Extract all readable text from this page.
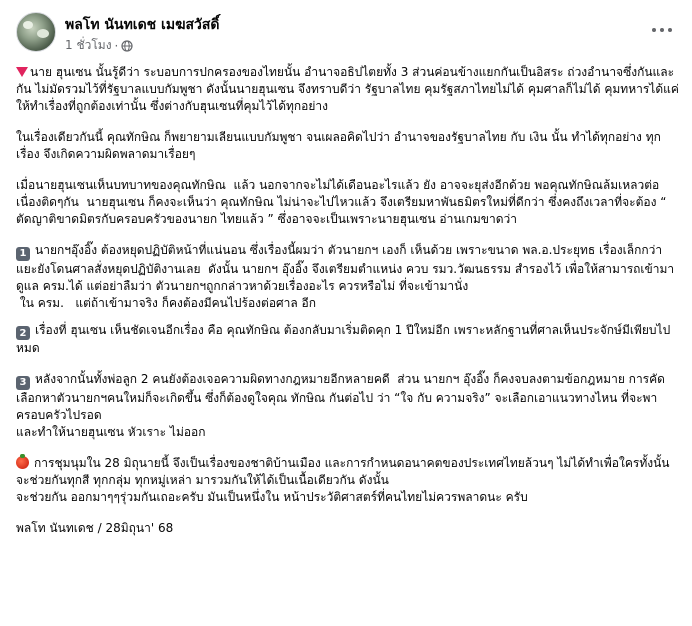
พลโท นันทเดช เมฆสวัสดิ์
1 ชั่วโมง ·

นาย ฮุนเซน นั้นรู้ดีว่า ระบอบการปกครองของไทยนั้น อำนาจอธิปไตยทั้ง 3 ส่วนค่อนข้างแยกกันเป็นอิสระ ถ่วงอำนาจซึ่งกันและกัน ไม่มัดรวมไว้ที่รัฐบาลแบบกัมพูชา ดังนั้นนายฮุนเซน จึงทราบดีว่า รัฐบาลไทย คุมรัฐสภาไทยไม่ได้ คุมศาลก็ไม่ได้ คุมทหารได้แค่ให้ทำเรื่องที่ถูกต้องเท่านั้น ซึ่งต่างกับฮุนเซนที่คุมไว้ได้ทุกอย่าง

ในเรื่องเดียวกันนี้ คุณทักษิณ ก็พยายามเลียนแบบกัมพูชา จนเผลอคิดไปว่า อำนาจของรัฐบาลไทย กับ เงิน นั้น ทำได้ทุกอย่าง ทุกเรื่อง จึงเกิดความผิดพลาดมาเรื่อยๆ

เมื่อนายฮุนเซนเห็นบทบาทของคุณทักษิณ  แล้ว นอกจากจะไม่ได้เดือนอะไรแล้ว ยัง อาจจะยุส่งอีกด้วย พอคุณทักษิณล้มเหลวต่อเนื่องติดๆกัน  นายฮุนเซน ก็คงจะเห็นว่า คุณทักษิณ ไม่น่าจะไปไหวแล้ว จึงเตรียมหาพันธมิตรใหม่ที่ดีกว่า ซึ่งคงถึงเวลาที่จะต้อง “ ตัดญาติขาดมิตรกับครอบครัวของนายก ไทยแล้ว ” ซึ่งอาจจะเป็นเพราะนายฮุนเซน อ่านเกมขาดว่า

1 นายกฯอุ๊งอิ๊ง ต้องหยุดปฏิบัติหน้าที่แน่นอน ซึ่งเรื่องนี้ผมว่า ตัวนายกฯ เองก็ เห็นด้วย เพราะขนาด พล.อ.ประยุทธ เรื่องเล็กกว่าแยะยังโดนศาลสั่งหยุดปฏิบัติงานเลย  ดังนั้น นายกฯ อุ๊งอิ๊ง จึงเตรียมตำแหน่ง ควบ รมว.วัฒนธรรม สำรองไว้ เพื่อให้สามารถเข้ามาดูแล ครม.ได้ แต่อย่าลืมว่า ตัวนายกฯถูกกล่าวหาด้วยเรื่องอะไร ควรหรือไม่ ที่จะเข้ามานั่ง
ใน ครม.   แต่ถ้าเข้ามาจริง ก็คงต้องมีคนไปร้องต่อศาล อีก

2 เรื่องที่ ฮุนเซน เห็นชัดเจนอีกเรื่อง คือ คุณทักษิณ ต้องกลับมาเริ่มติดคุก 1 ปีใหม่อีก เพราะหลักฐานที่ศาลเห็นประจักษ์มีเพียบไปหมด

3 หลังจากนั้นทั้งพ่อลูก 2 คนยังต้องเจอความผิดทางกฎหมายอีกหลายคดี  ส่วน นายกฯ อุ๊งอิ๊ง ก็คงจบลงตามข้อกฎหมาย การคัดเลือกหาตัวนายกฯคนใหม่ก็จะเกิดขึ้น ซึ่งก็ต้องดูใจคุณ ทักษิณ กันต่อไป ว่า “ใจ กับ ความจริง” จะเลือกเอาแนวทางไหน ที่จะพาครอบครัวไปรอด
และทำให้นายฮุนเซน หัวเราะ ไม่ออก

การชุมนุมใน 28 มิถุนายนี้ จึงเป็นเรื่องของชาติบ้านเมือง และการกำหนดอนาคตของประเทศไทยล้วนๆ ไม่ได้ทำเพื่อใครทั้งนั้น จะช่วยกันทุกสี ทุกกลุ่ม ทุกหมู่เหล่า มารวมกันให้ได้เป็นเนื้อเดียวกัน ดังนั้น
จะช่วยกัน ออกมาๆๆรุ่วมกันเถอะครับ มันเป็นหนึ่งใน หน้าประวัติศาสตร์ที่คนไทยไม่ควรพลาดนะ ครับ

พลโท นันทเดช / 28มิถุนา' 68
